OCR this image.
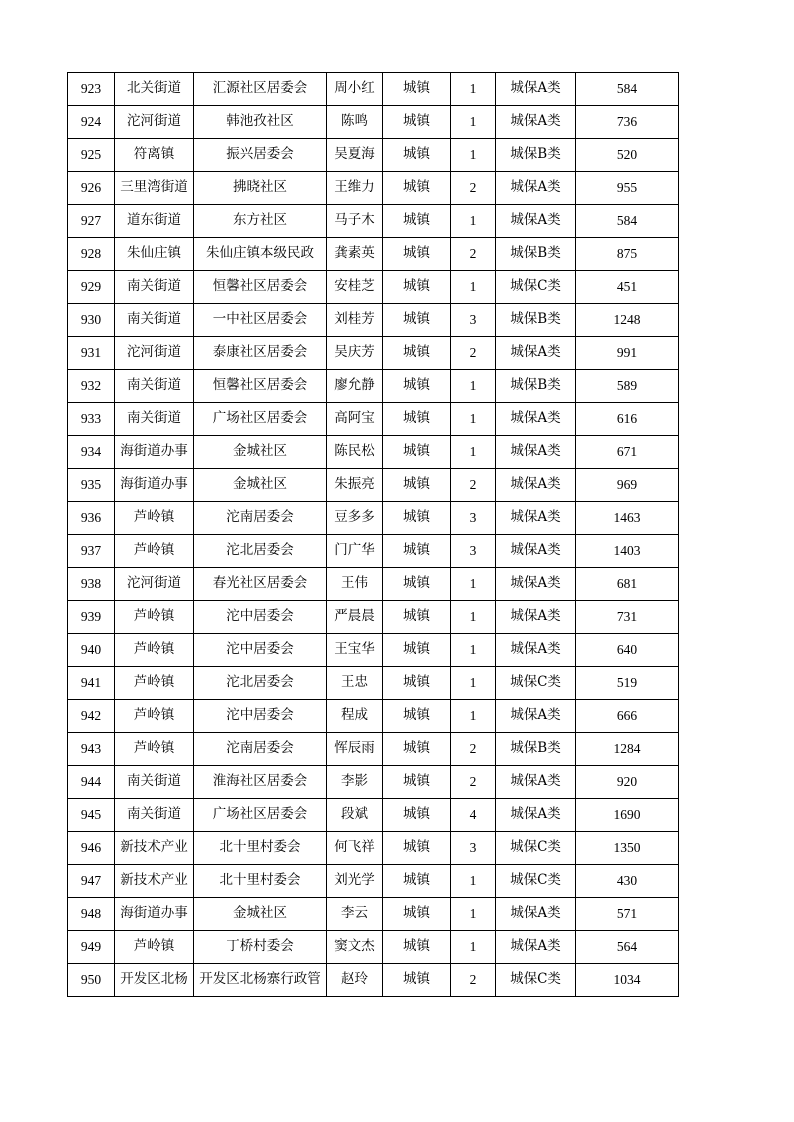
923	北关街道	汇源社区居委会	周小红	城镇	1	城保A类	584
924	沱河街道	韩池孜社区	陈鸣	城镇	1	城保A类	736
925	符离镇	振兴居委会	吴夏海	城镇	1	城保B类	520
926	三里湾街道	拂晓社区	王维力	城镇	2	城保A类	955
927	道东街道	东方社区	马子木	城镇	1	城保A类	584
928	朱仙庄镇	朱仙庄镇本级民政	龚素英	城镇	2	城保B类	875
929	南关街道	恒馨社区居委会	安桂芝	城镇	1	城保C类	451
930	南关街道	一中社区居委会	刘桂芳	城镇	3	城保B类	1248
931	沱河街道	泰康社区居委会	吴庆芳	城镇	2	城保A类	991
932	南关街道	恒馨社区居委会	廖允静	城镇	1	城保B类	589
933	南关街道	广场社区居委会	高阿宝	城镇	1	城保A类	616
934	海街道办事	金城社区	陈民松	城镇	1	城保A类	671
935	海街道办事	金城社区	朱振亮	城镇	2	城保A类	969
936	芦岭镇	沱南居委会	豆多多	城镇	3	城保A类	1463
937	芦岭镇	沱北居委会	门广华	城镇	3	城保A类	1403
938	沱河街道	春光社区居委会	王伟	城镇	1	城保A类	681
939	芦岭镇	沱中居委会	严晨晨	城镇	1	城保A类	731
940	芦岭镇	沱中居委会	王宝华	城镇	1	城保A类	640
941	芦岭镇	沱北居委会	王忠	城镇	1	城保C类	519
942	芦岭镇	沱中居委会	程成	城镇	1	城保A类	666
943	芦岭镇	沱南居委会	恽辰雨	城镇	2	城保B类	1284
944	南关街道	淮海社区居委会	李影	城镇	2	城保A类	920
945	南关街道	广场社区居委会	段斌	城镇	4	城保A类	1690
946	新技术产业	北十里村委会	何飞祥	城镇	3	城保C类	1350
947	新技术产业	北十里村委会	刘光学	城镇	1	城保C类	430
948	海街道办事	金城社区	李云	城镇	1	城保A类	571
949	芦岭镇	丁桥村委会	窦文杰	城镇	1	城保A类	564
950	开发区北杨	开发区北杨寨行政管	赵玲	城镇	2	城保C类	1034
